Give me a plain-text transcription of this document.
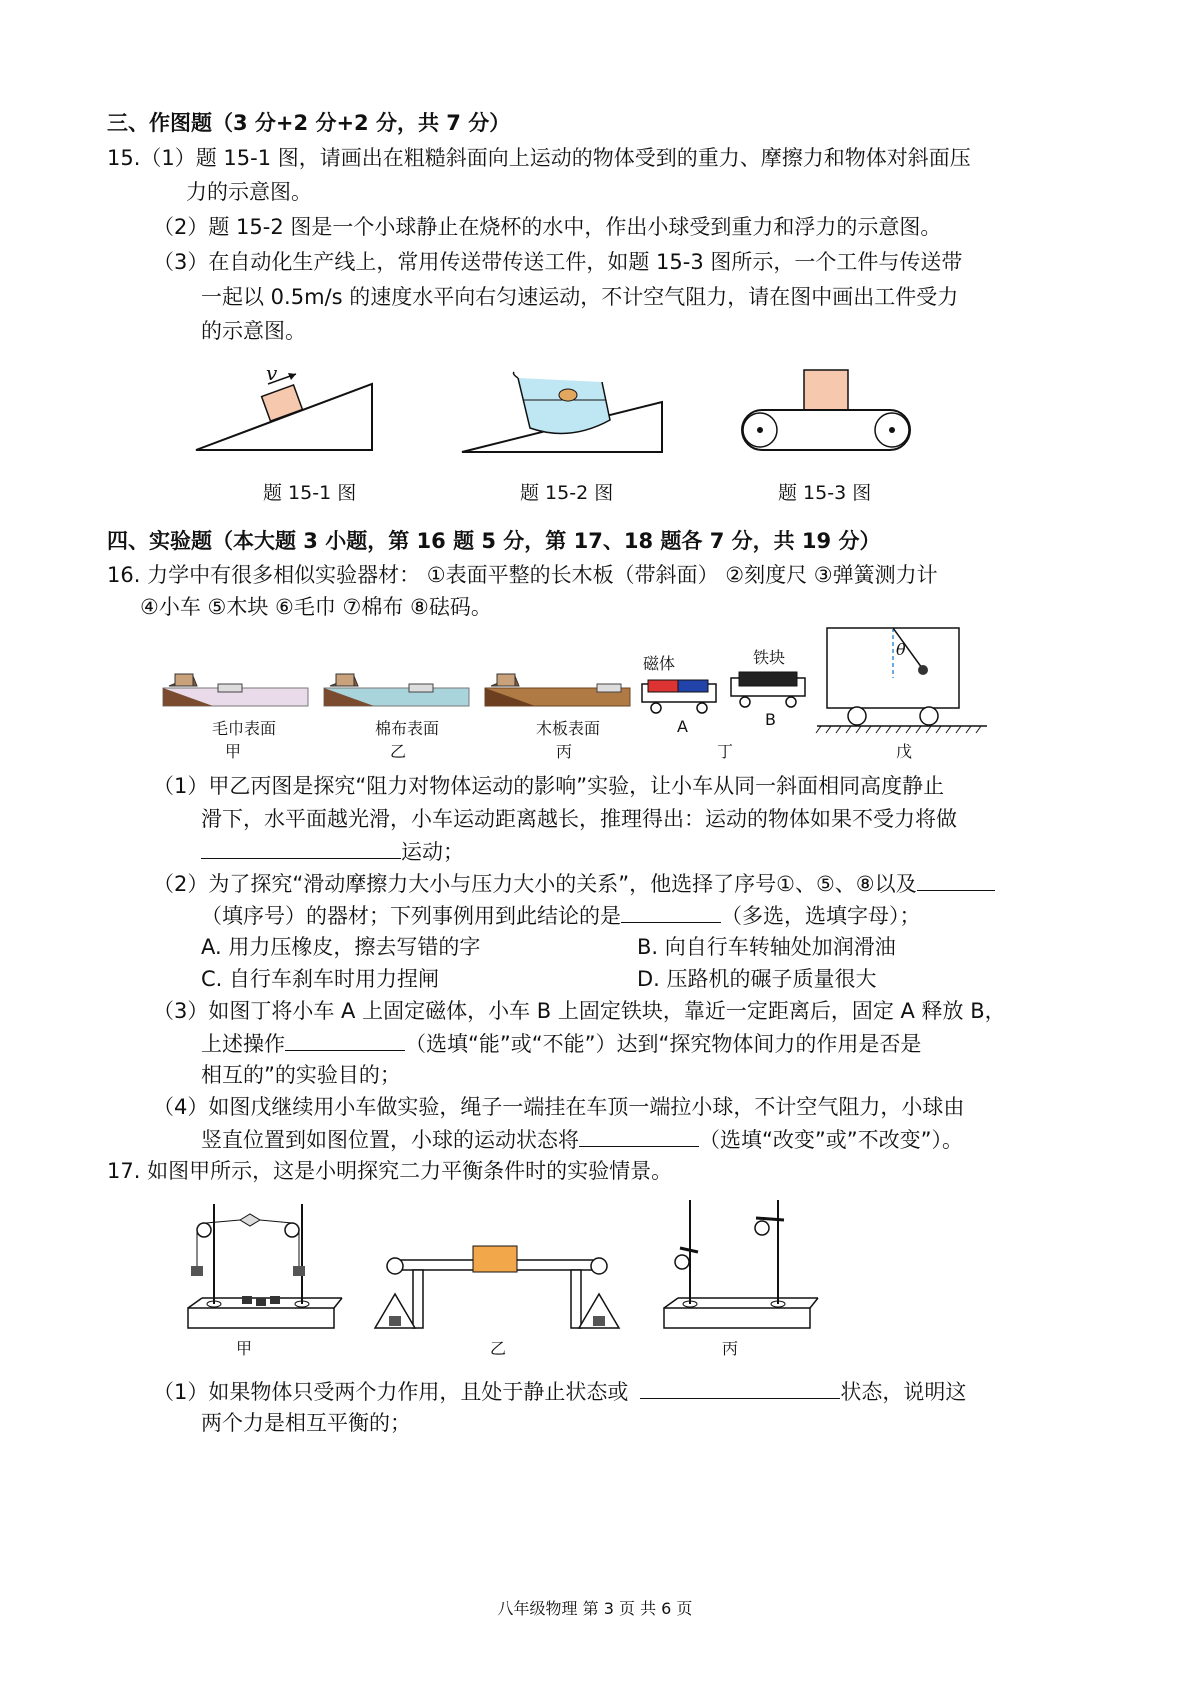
三、作图题（3 分+2 分+2 分，共 7 分）
15.（1）题 15-1 图，请画出在粗糙斜面向上运动的物体受到的重力、摩擦力和物体对斜面压
力的示意图。
（2）题 15-2 图是一个小球静止在烧杯的水中，作出小球受到重力和浮力的示意图。
（3）在自动化生产线上，常用传送带传送工件，如题 15-3 图所示，一个工件与传送带
一起以 0.5m/s 的速度水平向右匀速运动，不计空气阻力，请在图中画出工件受力
的示意图。
v
题 15-1 图	题 15-2 图	题 15-3 图
四、实验题（本大题 3 小题，第 16 题 5 分，第 17、18 题各 7 分，共 19 分）
16. 力学中有很多相似实验器材： ①表面平整的长木板（带斜面） ②刻度尺 ③弹簧测力计
④小车 ⑤木块 ⑥毛巾 ⑦棉布 ⑧砝码。
毛巾表面	棉布表面	木板表面
甲	乙	丙
磁体	铁块
A	B
丁
θ
戊
（1）甲乙丙图是探究“阻力对物体运动的影响”实验，让小车从同一斜面相同高度静止
滑下，水平面越光滑，小车运动距离越长，推理得出：运动的物体如果不受力将做
运动；
（2）为了探究“滑动摩擦力大小与压力大小的关系”，他选择了序号①、⑤、⑧以及
（填序号）的器材；下列事例用到此结论的是	（多选，选填字母）；
A. 用力压橡皮，擦去写错的字	B. 向自行车转轴处加润滑油
C. 自行车刹车时用力捏闸	D. 压路机的碾子质量很大
（3）如图丁将小车 A 上固定磁体，小车 B 上固定铁块，靠近一定距离后，固定 A 释放 B，
上述操作	（选填“能”或“不能”）达到“探究物体间力的作用是否是
相互的”的实验目的；
（4）如图戊继续用小车做实验，绳子一端挂在车顶一端拉小球，不计空气阻力，小球由
竖直位置到如图位置，小球的运动状态将	（选填“改变”或”不改变”）。
17. 如图甲所示，这是小明探究二力平衡条件时的实验情景。
甲	乙	丙
（1）如果物体只受两个力作用，且处于静止状态或	状态，说明这
两个力是相互平衡的；
八年级物理 第 3 页 共 6 页
